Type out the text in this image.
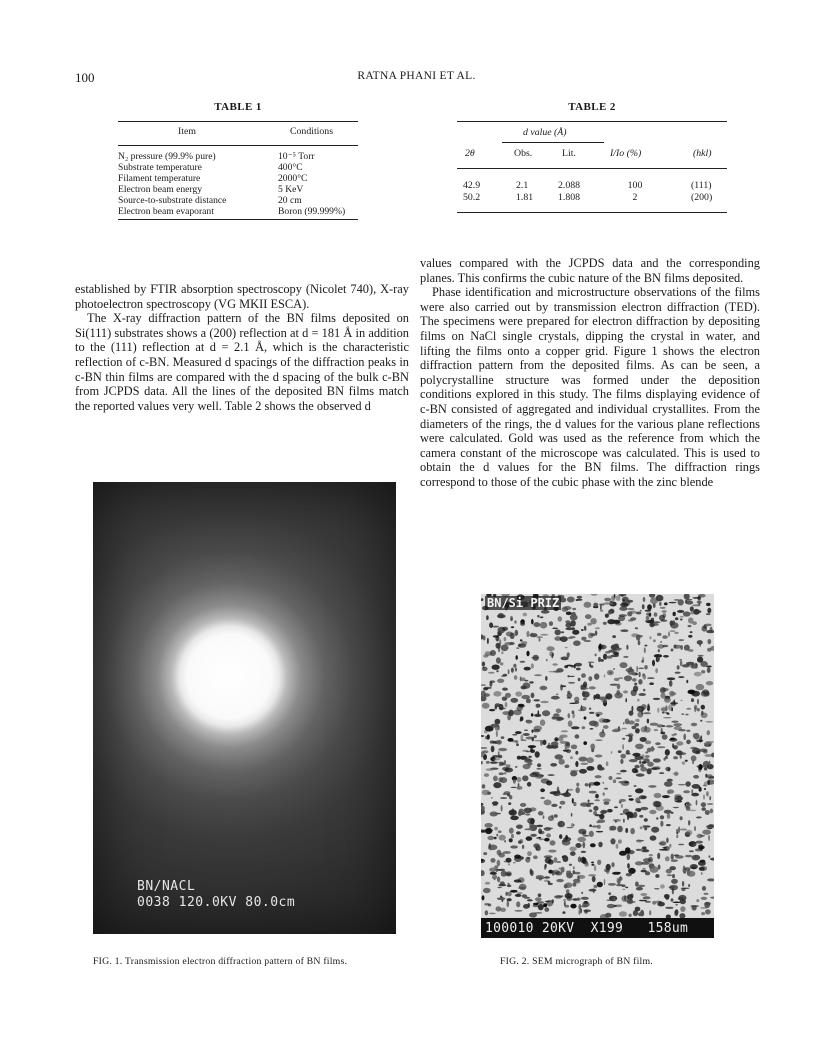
100	RATNA PHANI ET AL.
TABLE 1
Item	Conditions
N₂ pressure (99.9% pure)	10⁻⁵ Torr
Substrate temperature	400°C
Filament temperature	2000°C
Electron beam energy	5 KeV
Source-to-substrate distance	20 cm
Electron beam evaporant	Boron (99.999%)
TABLE 2
d value (Å)
2θ	Obs.	Lit.	I/Io (%)	(hkl)
42.9	2.1	2.088	100	(111)
50.2	1.81	1.808	2	(200)

established by FTIR absorption spectroscopy (Nicolet 740), X-ray photoelectron spectroscopy (VG MKII ESCA).

The X-ray diffraction pattern of the BN films deposited on Si(111) substrates shows a (200) reflection at d = 181 Å in addition to the (111) reflection at d = 2.1 Å, which is the characteristic reflection of c-BN. Measured d spacings of the diffraction peaks in c-BN thin films are compared with the d spacing of the bulk c-BN from JCPDS data. All the lines of the deposited BN films match the reported values very well. Table 2 shows the observed d

values compared with the JCPDS data and the corresponding planes. This confirms the cubic nature of the BN films deposited.

Phase identification and microstructure observations of the films were also carried out by transmission electron diffraction (TED). The specimens were prepared for electron diffraction by depositing films on NaCl single crystals, dipping the crystal in water, and lifting the films onto a copper grid. Figure 1 shows the electron diffraction pattern from the deposited films. As can be seen, a polycrystalline structure was formed under the deposition conditions explored in this study. The films displaying evidence of c-BN consisted of aggregated and individual crystallites. From the diameters of the rings, the d values for the various plane reflections were calculated. Gold was used as the reference from which the camera constant of the microscope was calculated. This is used to obtain the d values for the BN films. The diffraction rings correspond to those of the cubic phase with the zinc blende

BN/NACL
0038 120.0KV 80.0cm
FIG. 1. Transmission electron diffraction pattern of BN films.
BN/Si PRIZ
100010 20KV  X199   158um
FIG. 2. SEM micrograph of BN film.
